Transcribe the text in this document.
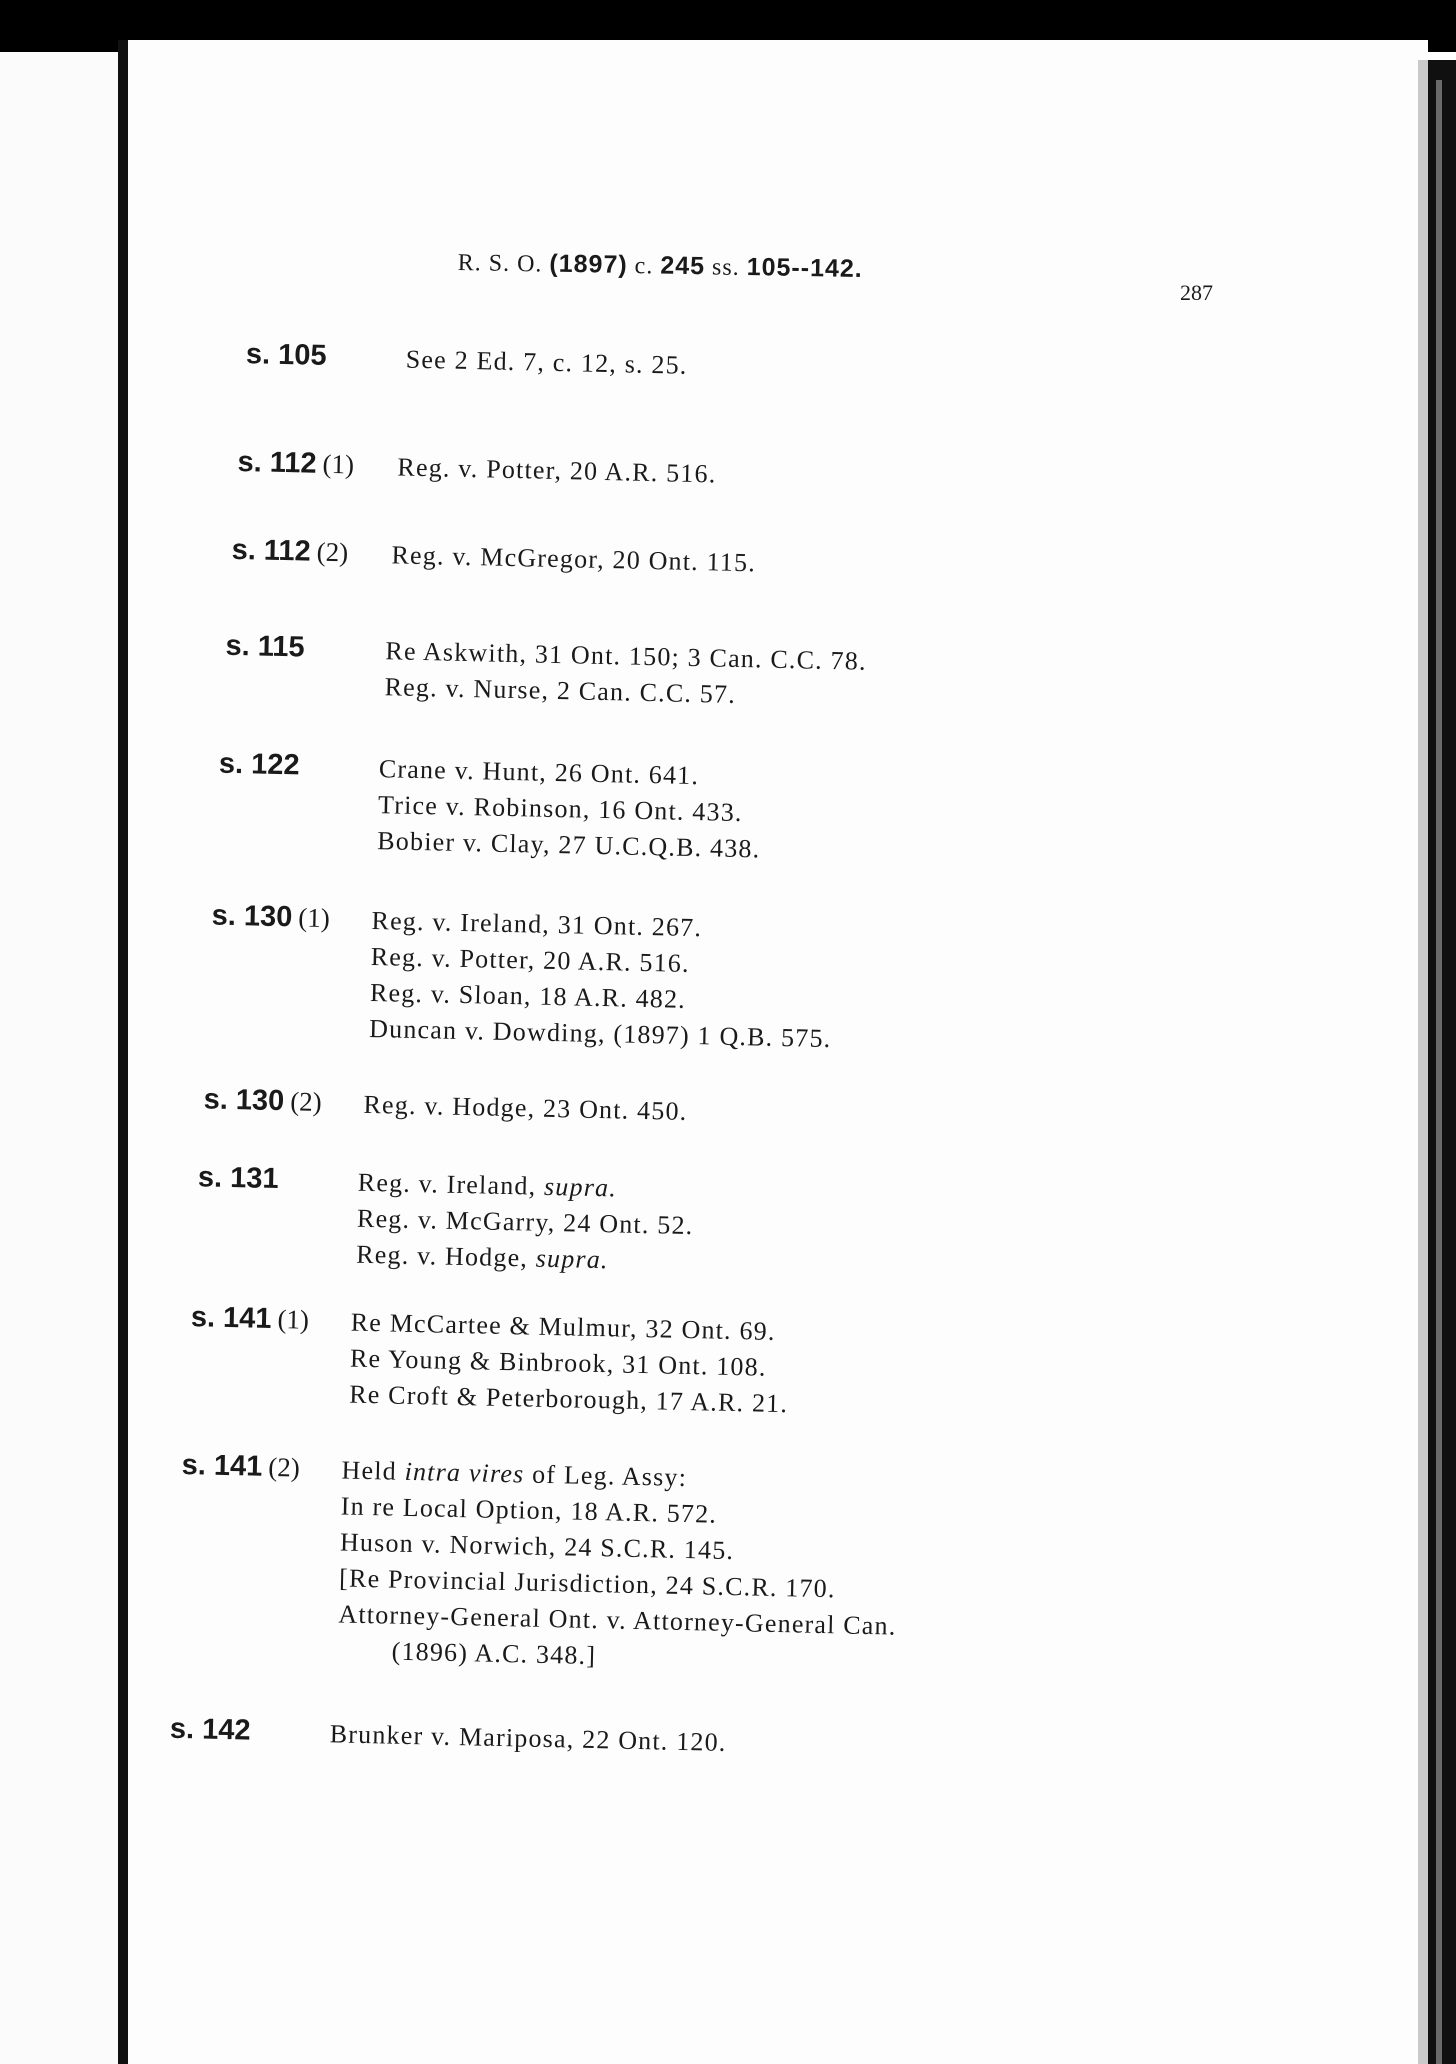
R. S. O. (1897) c. 245 ss. 105--142.
287
s. 105	See 2 Ed. 7, c. 12, s. 25.
s. 112 (1) Reg. v. Potter, 20 A.R. 516.
s. 112 (2) Reg. v. McGregor, 20 Ont. 115.
s. 115	Re Askwith, 31 Ont. 150; 3 Can. C.C. 78.
Reg. v. Nurse, 2 Can. C.C. 57.
s. 122	Crane v. Hunt, 26 Ont. 641.
Trice v. Robinson, 16 Ont. 433.
Bobier v. Clay, 27 U.C.Q.B. 438.
s. 130 (1) Reg. v. Ireland, 31 Ont. 267.
Reg. v. Potter, 20 A.R. 516.
Reg. v. Sloan, 18 A.R. 482.
Duncan v. Dowding, (1897) 1 Q.B. 575.
s. 130 (2) Reg. v. Hodge, 23 Ont. 450.
s. 131	Reg. v. Ireland, supra.
Reg. v. McGarry, 24 Ont. 52.
Reg. v. Hodge, supra.
s. 141 (1) Re McCartee & Mulmur, 32 Ont. 69.
Re Young & Binbrook, 31 Ont. 108.
Re Croft & Peterborough, 17 A.R. 21.
s. 141 (2) Held intra vires of Leg. Assy:
In re Local Option, 18 A.R. 572.
Huson v. Norwich, 24 S.C.R. 145.
[Re Provincial Jurisdiction, 24 S.C.R. 170.
Attorney-General Ont. v. Attorney-General Can.
(1896) A.C. 348.]
s. 142	Brunker v. Mariposa, 22 Ont. 120.
